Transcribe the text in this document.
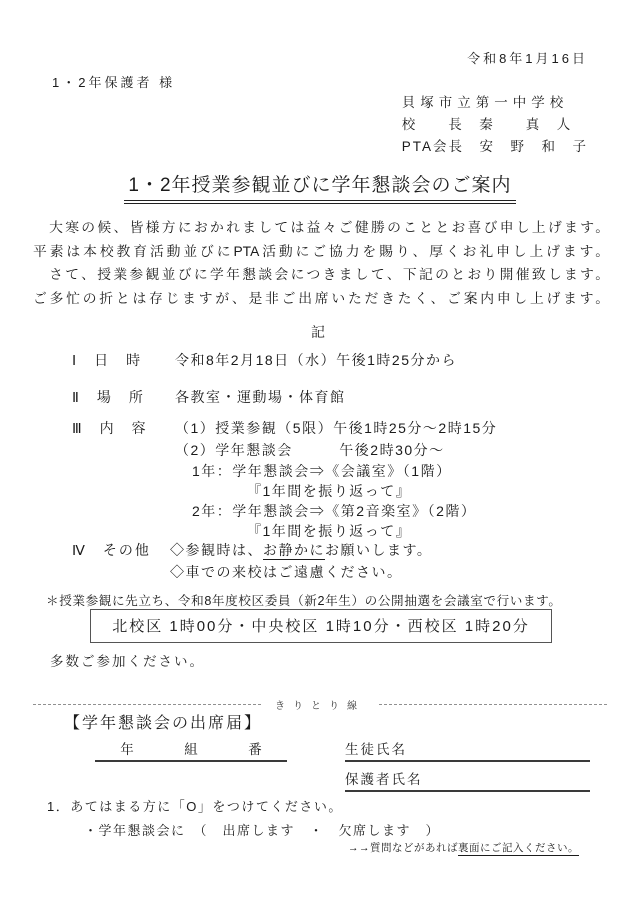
令和8年1月16日
1・2年保護者 様
貝塚市立第一中学校
校　　長　秦　　真　人
PTA会長　安　野　和　子
1・2年授業参観並びに学年懇談会のご案内
　大寒の候、皆様方におかれましては益々ご健勝のこととお喜び申し上げます。
平素は本校教育活動並びにPTA活動にご協力を賜り、厚くお礼申し上げます。
　さて、授業参観並びに学年懇談会につきまして、下記のとおり開催致します。
ご多忙の折とは存じますが、是非ご出席いただきたく、ご案内申し上げます。
記
Ⅰ　日　時 令和8年2月18日（水）午後1時25分から
Ⅱ　場　所 各教室・運動場・体育館
Ⅲ　内　容 （1）授業参観（5限）午後1時25分～2時15分
（2）学年懇談会　　　午後2時30分～
1年：学年懇談会⇒《会議室》（1階）
『1年間を振り返って』
2年：学年懇談会⇒《第2音楽室》（2階）
『1年間を振り返って』
Ⅳ　その他 ◇参観時は、お静かにお願いします。
◇車での来校はご遠慮ください。
＊授業参観に先立ち、令和8年度校区委員（新2年生）の公開抽選を会議室で行います。
北校区 1時00分・中央校区 1時10分・西校区 1時20分
多数ご参加ください。
きりとり線
【学年懇談会の出席届】
年	組	番	生徒氏名
保護者氏名
1．あてはまる方に「O」をつけてください。
・学年懇談会に　（　出席します　・　欠席します　）
→→質問などがあれば裏面にご記入ください。
